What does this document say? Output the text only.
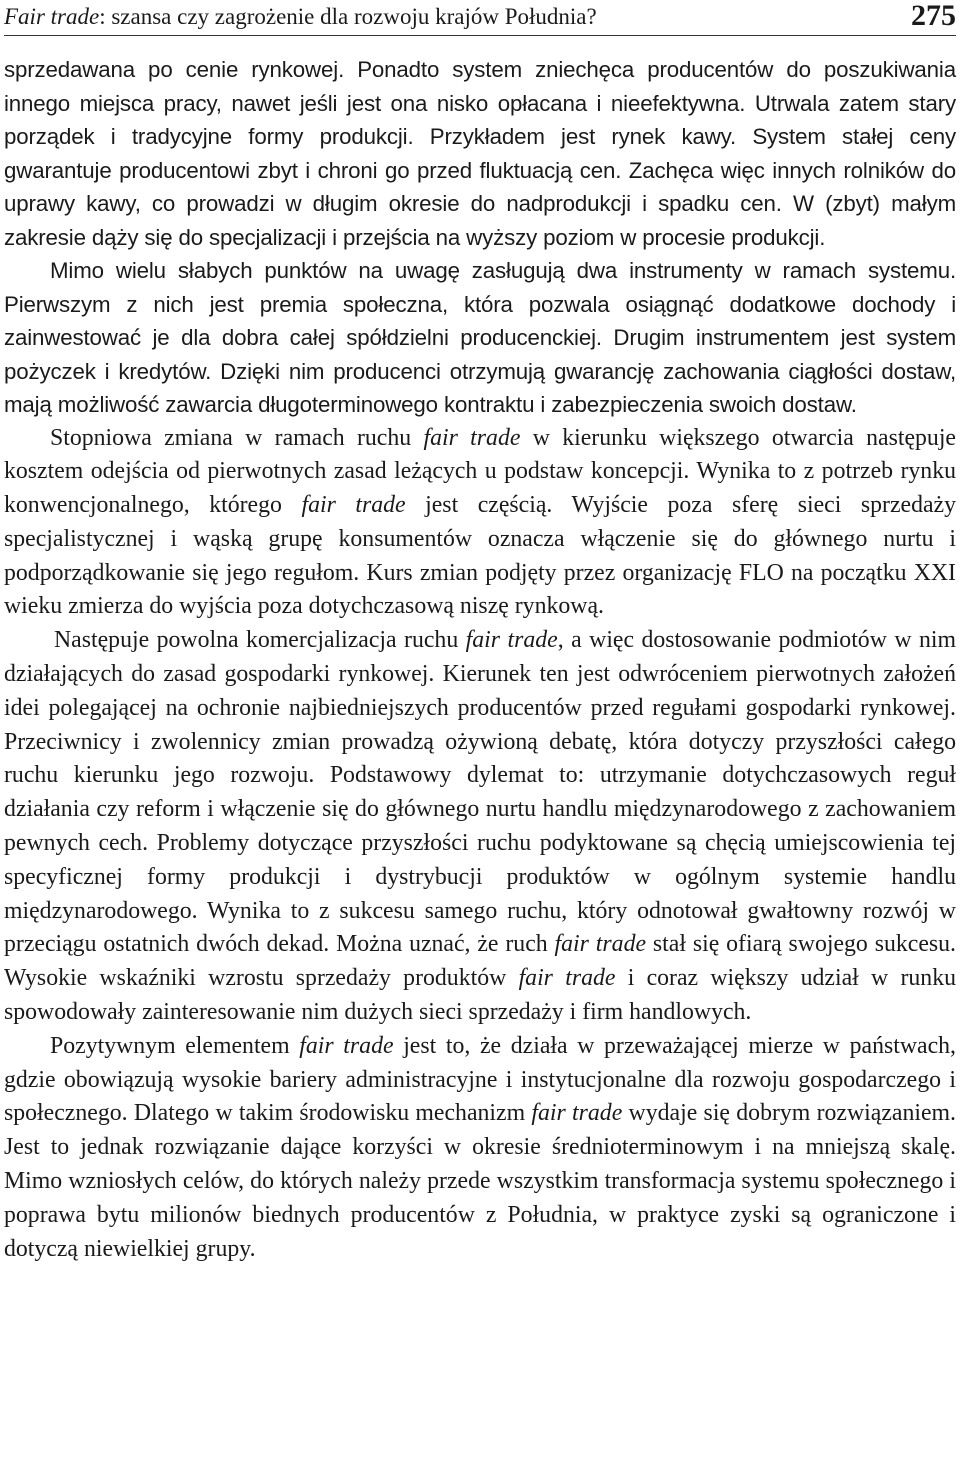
Fair trade: szansa czy zagrożenie dla rozwoju krajów Południa?	275

sprzedawana po cenie rynkowej. Ponadto system zniechęca producentów do poszukiwania innego miejsca pracy, nawet jeśli jest ona nisko opłacana i nieefektywna. Utrwala zatem stary porządek i tradycyjne formy produkcji. Przykładem jest rynek kawy. System stałej ceny gwarantuje producentowi zbyt i chroni go przed fluktuacją cen. Zachęca więc innych rolników do uprawy kawy, co prowadzi w długim okresie do nadprodukcji i spadku cen. W (zbyt) małym zakresie dąży się do specjalizacji i przejścia na wyższy poziom w procesie produkcji.

Mimo wielu słabych punktów na uwagę zasługują dwa instrumenty w ramach systemu. Pierwszym z nich jest premia społeczna, która pozwala osiągnąć dodatkowe dochody i zainwestować je dla dobra całej spółdzielni producenckiej. Drugim instrumentem jest system pożyczek i kredytów. Dzięki nim producenci otrzymują gwarancję zachowania ciągłości dostaw, mają możliwość zawarcia długoterminowego kontraktu i zabezpieczenia swoich dostaw.

Stopniowa zmiana w ramach ruchu fair trade w kierunku większego otwarcia następuje kosztem odejścia od pierwotnych zasad leżących u podstaw koncepcji. Wynika to z potrzeb rynku konwencjonalnego, którego fair trade jest częścią. Wyjście poza sferę sieci sprzedaży specjalistycznej i wąską grupę konsumentów oznacza włączenie się do głównego nurtu i podporządkowanie się jego regułom. Kurs zmian podjęty przez organizację FLO na początku XXI wieku zmierza do wyjścia poza dotychczasową niszę rynkową.

Następuje powolna komercjalizacja ruchu fair trade, a więc dostosowanie podmiotów w nim działających do zasad gospodarki rynkowej. Kierunek ten jest odwróceniem pierwotnych założeń idei polegającej na ochronie najbiedniejszych producentów przed regułami gospodarki rynkowej. Przeciwnicy i zwolennicy zmian prowadzą ożywioną debatę, która dotyczy przyszłości całego ruchu kierunku jego rozwoju. Podstawowy dylemat to: utrzymanie dotychczasowych reguł działania czy reform i włączenie się do głównego nurtu handlu międzynarodowego z zachowaniem pewnych cech. Problemy dotyczące przyszłości ruchu podyktowane są chęcią umiejscowienia tej specyficznej formy produkcji i dystrybucji produktów w ogólnym systemie handlu międzynarodowego. Wynika to z sukcesu samego ruchu, który odnotował gwałtowny rozwój w przeciągu ostatnich dwóch dekad. Można uznać, że ruch fair trade stał się ofiarą swojego sukcesu. Wysokie wskaźniki wzrostu sprzedaży produktów fair trade i coraz większy udział w runku spowodowały zainteresowanie nim dużych sieci sprzedaży i firm handlowych.

Pozytywnym elementem fair trade jest to, że działa w przeważającej mierze w państwach, gdzie obowiązują wysokie bariery administracyjne i instytucjonalne dla rozwoju gospodarczego i społecznego. Dlatego w takim środowisku mechanizm fair trade wydaje się dobrym rozwiązaniem. Jest to jednak rozwiązanie dające korzyści w okresie średnioterminowym i na mniejszą skalę. Mimo wzniosłych celów, do których należy przede wszystkim transformacja systemu społecznego i poprawa bytu milionów biednych producentów z Południa, w praktyce zyski są ograniczone i dotyczą niewielkiej grupy.
